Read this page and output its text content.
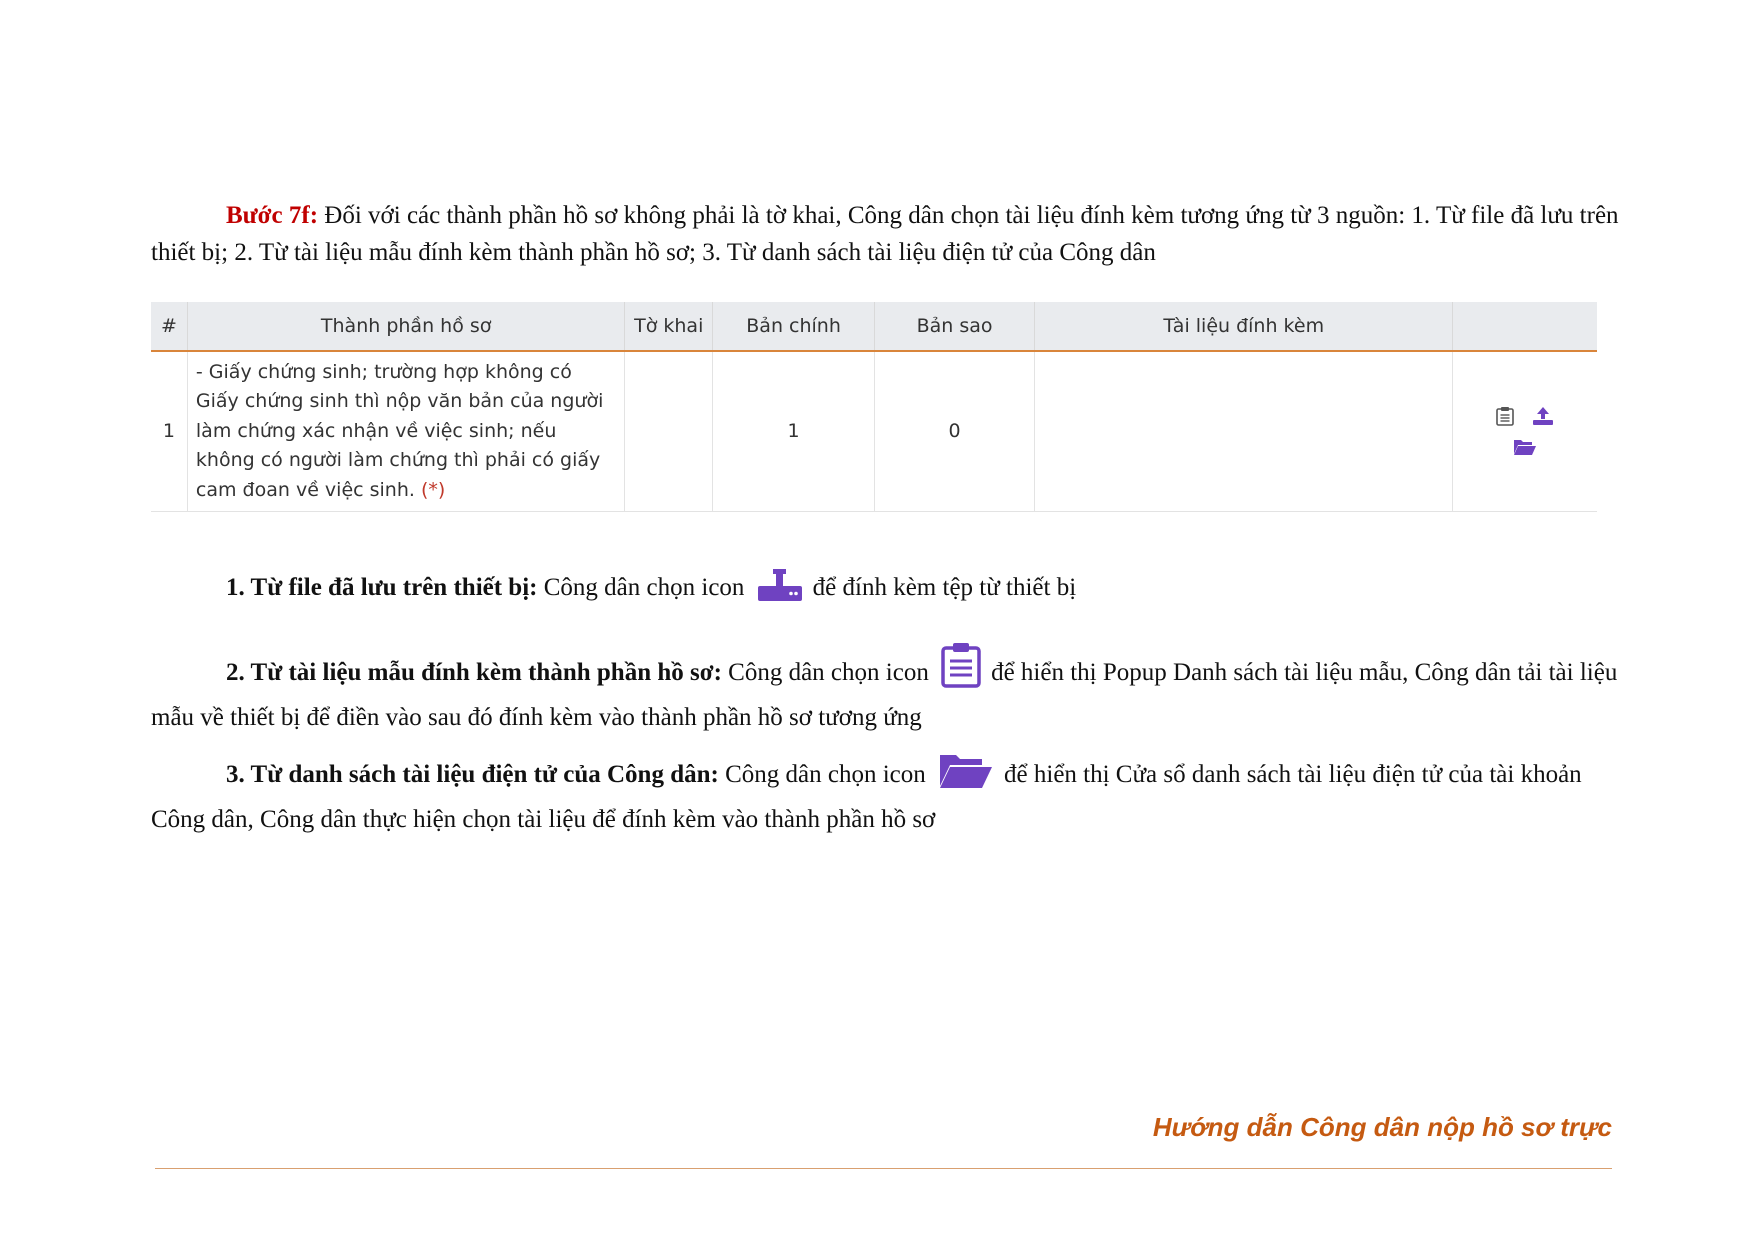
Bước 7f: Đối với các thành phần hồ sơ không phải là tờ khai, Công dân chọn tài liệu đính kèm tương ứng từ 3 nguồn: 1. Từ file đã lưu trên thiết bị; 2. Từ tài liệu mẫu đính kèm thành phần hồ sơ; 3. Từ danh sách tài liệu điện tử của Công dân

#	Thành phần hồ sơ	Tờ khai	Bản chính	Bản sao	Tài liệu đính kèm	
1	- Giấy chứng sinh; trường hợp không có Giấy chứng sinh thì nộp văn bản của người làm chứng xác nhận về việc sinh; nếu không có người làm chứng thì phải có giấy cam đoan về việc sinh. (*)		1	0		

1. Từ file đã lưu trên thiết bị: Công dân chọn icon	để đính kèm tệp từ thiết bị

2. Từ tài liệu mẫu đính kèm thành phần hồ sơ: Công dân chọn icon để hiển thị Popup Danh sách tài liệu mẫu, Công dân tải tài liệu mẫu về thiết bị để điền vào sau đó đính kèm vào thành phần hồ sơ tương ứng

3. Từ danh sách tài liệu điện tử của Công dân: Công dân chọn icon	để hiển thị Cửa sổ danh sách tài liệu điện tử của tài khoản Công dân, Công dân thực hiện chọn tài liệu để đính kèm vào thành phần hồ sơ

Hướng dẫn Công dân nộp hồ sơ trực
